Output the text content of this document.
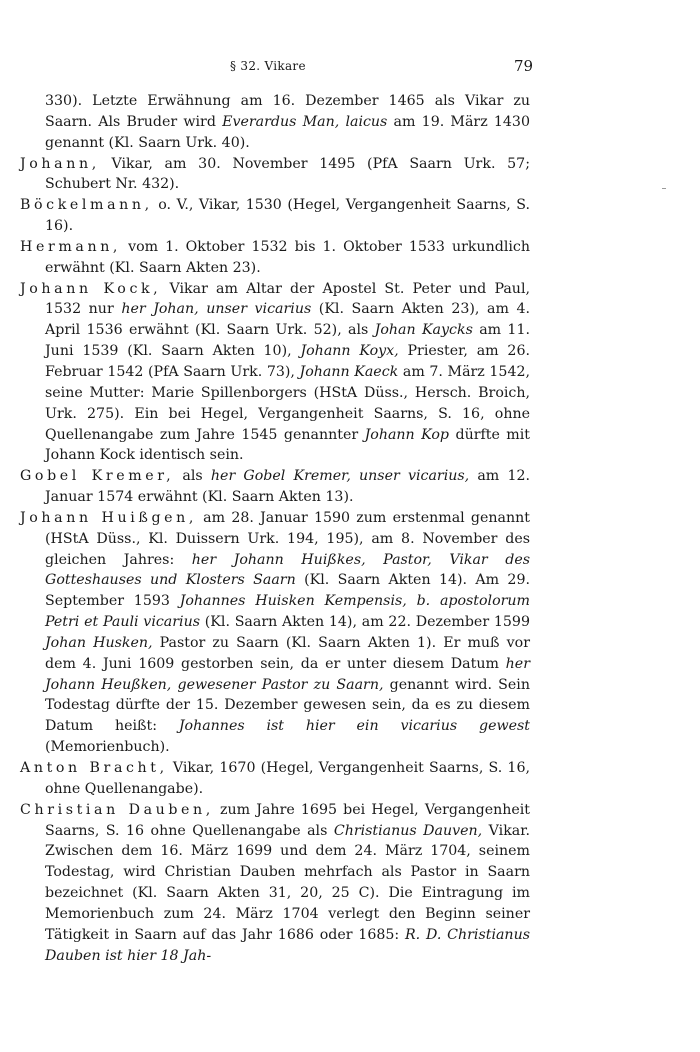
§ 32. Vikare	79

330). Letzte Erwähnung am 16. Dezember 1465 als Vikar zu Saarn. Als Bruder wird Everardus Man, laicus am 19. März 1430 genannt (Kl. Saarn Urk. 40).

Johann, Vikar, am 30. November 1495 (PfA Saarn Urk. 57; Schubert Nr. 432).

Böckelmann, o. V., Vikar, 1530 (Hegel, Vergangenheit Saarns, S. 16).

Hermann, vom 1. Oktober 1532 bis 1. Oktober 1533 urkundlich erwähnt (Kl. Saarn Akten 23).

Johann Kock, Vikar am Altar der Apostel St. Peter und Paul, 1532 nur her Johan, unser vicarius (Kl. Saarn Akten 23), am 4. April 1536 erwähnt (Kl. Saarn Urk. 52), als Johan Kaycks am 11. Juni 1539 (Kl. Saarn Akten 10), Johann Koyx, Priester, am 26. Februar 1542 (PfA Saarn Urk. 73), Johann Kaeck am 7. März 1542, seine Mutter: Marie Spillenborgers (HStA Düss., Hersch. Broich, Urk. 275). Ein bei Hegel, Vergangenheit Saarns, S. 16, ohne Quellenangabe zum Jahre 1545 genannter Johann Kop dürfte mit Johann Kock identisch sein.

Gobel Kremer, als her Gobel Kremer, unser vicarius, am 12. Januar 1574 erwähnt (Kl. Saarn Akten 13).

Johann Huißgen, am 28. Januar 1590 zum erstenmal genannt (HStA Düss., Kl. Duissern Urk. 194, 195), am 8. November des gleichen Jahres: her Johann Huißkes, Pastor, Vikar des Gotteshauses und Klosters Saarn (Kl. Saarn Akten 14). Am 29. September 1593 Johannes Huisken Kempensis, b. apostolorum Petri et Pauli vicarius (Kl. Saarn Akten 14), am 22. Dezember 1599 Johan Husken, Pastor zu Saarn (Kl. Saarn Akten 1). Er muß vor dem 4. Juni 1609 gestorben sein, da er unter diesem Datum her Johann Heußken, gewesener Pastor zu Saarn, genannt wird. Sein Todestag dürfte der 15. Dezember gewesen sein, da es zu diesem Datum heißt: Johannes ist hier ein vicarius gewest (Memorienbuch).

Anton Bracht, Vikar, 1670 (Hegel, Vergangenheit Saarns, S. 16, ohne Quellenangabe).

Christian Dauben, zum Jahre 1695 bei Hegel, Vergangenheit Saarns, S. 16 ohne Quellenangabe als Christianus Dauven, Vikar. Zwischen dem 16. März 1699 und dem 24. März 1704, seinem Todestag, wird Christian Dauben mehrfach als Pastor in Saarn bezeichnet (Kl. Saarn Akten 31, 20, 25 C). Die Eintragung im Memorienbuch zum 24. März 1704 verlegt den Beginn seiner Tätigkeit in Saarn auf das Jahr 1686 oder 1685: R. D. Christianus Dauben ist hier 18 Jah-
